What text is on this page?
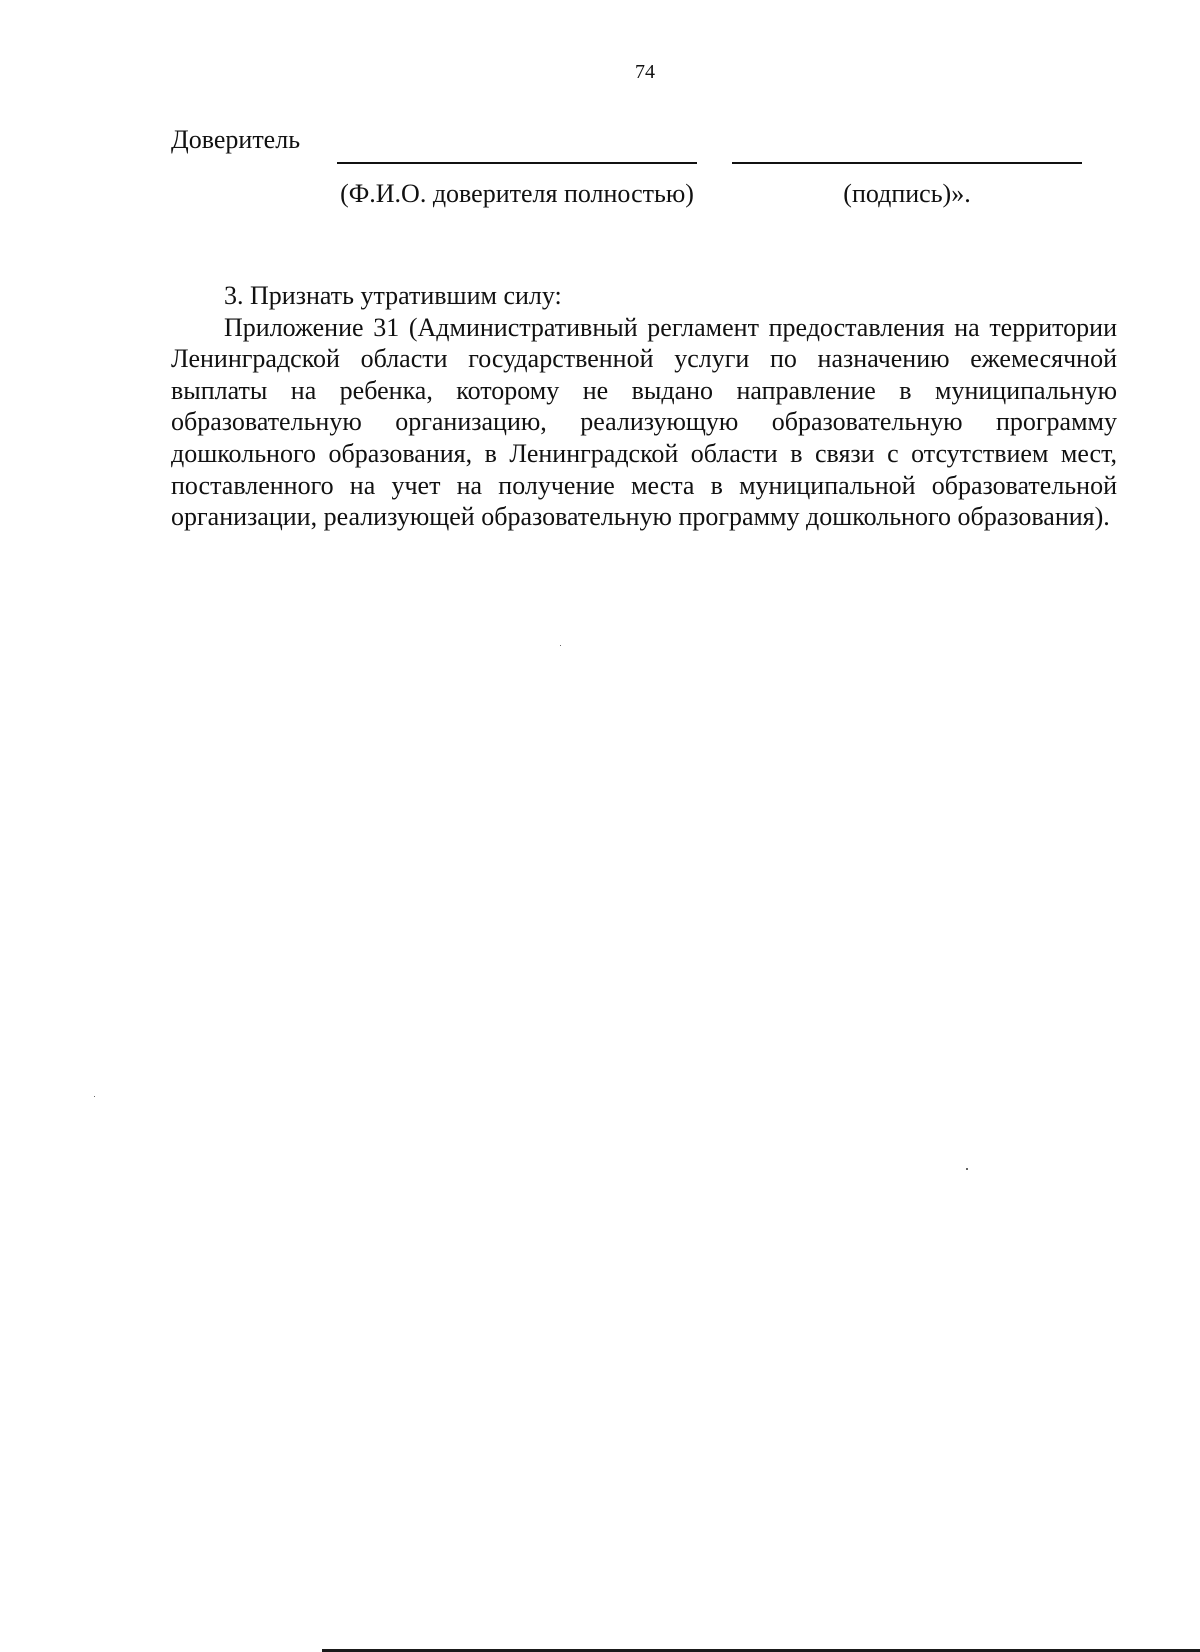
74
Доверитель
(Ф.И.О. доверителя полностью)	(подпись)».

3. Признать утратившим силу:

Приложение 31 (Административный регламент предоставления на территории Ленинградской области государственной услуги по назначению ежемесячной выплаты на ребенка, которому не выдано направление в муниципальную образовательную организацию, реализующую образовательную программу дошкольного образования, в Ленинградской области в связи с отсутствием мест, поставленного на учет на получение места в муниципальной образовательной организации, реализующей образовательную программу дошкольного образования).
